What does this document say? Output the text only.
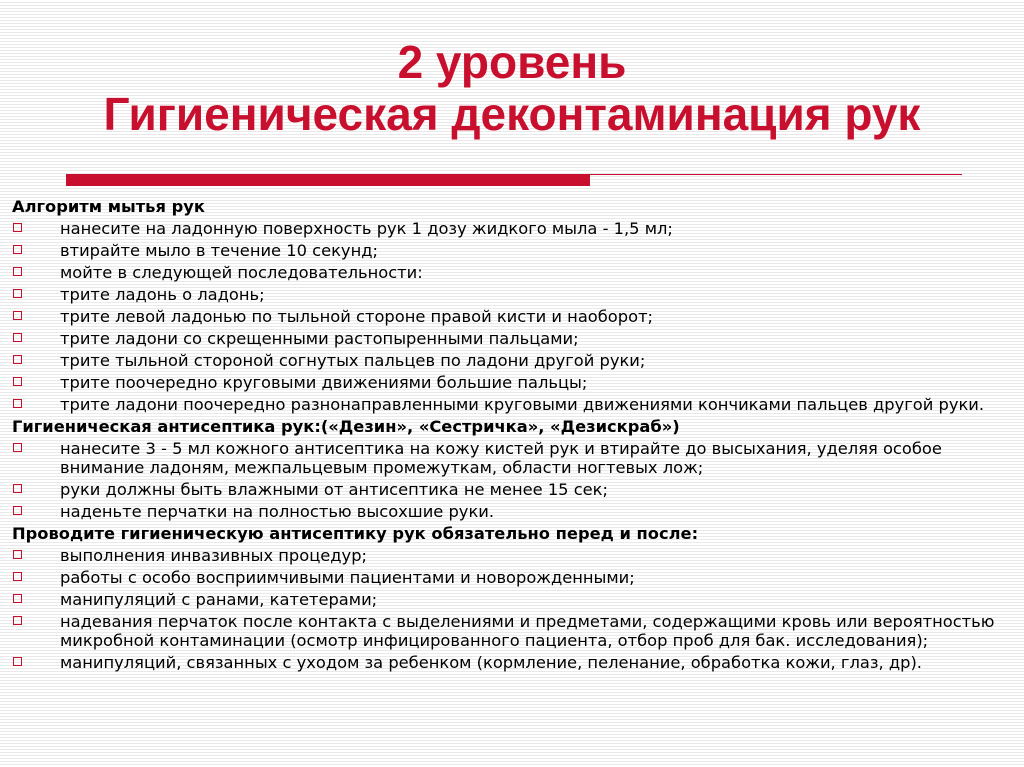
2 уровень
Гигиеническая деконтаминация рук
Алгоритм мытья рук
нанесите на ладонную поверхность рук 1 дозу жидкого мыла - 1,5 мл;
втирайте мыло в течение 10 секунд;
мойте в следующей последовательности:
трите ладонь о ладонь;
трите левой ладонью по тыльной стороне правой кисти и наоборот;
трите ладони со скрещенными растопыренными пальцами;
трите тыльной стороной согнутых пальцев по ладони другой руки;
трите поочередно круговыми движениями большие пальцы;
трите ладони поочередно разнонаправленными круговыми движениями кончиками пальцев другой руки.
Гигиеническая антисептика рук:(«Дезин», «Сестричка», «Дезискраб»)
нанесите 3 - 5 мл кожного антисептика на кожу кистей рук и втирайте до высыхания, уделяя особое внимание ладоням, межпальцевым промежуткам, области ногтевых лож;
руки должны быть влажными от антисептика не менее 15 сек;
наденьте перчатки на полностью высохшие руки.
Проводите гигиеническую антисептику рук обязательно перед и после:
выполнения инвазивных процедур;
работы с особо восприимчивыми пациентами и новорожденными;
манипуляций с ранами, катетерами;
надевания перчаток после контакта с выделениями и предметами, содержащими кровь или вероятностью микробной контаминации (осмотр инфицированного пациента, отбор проб для бак. исследования);
манипуляций, связанных с уходом за ребенком (кормление, пеленание, обработка кожи, глаз, др).
